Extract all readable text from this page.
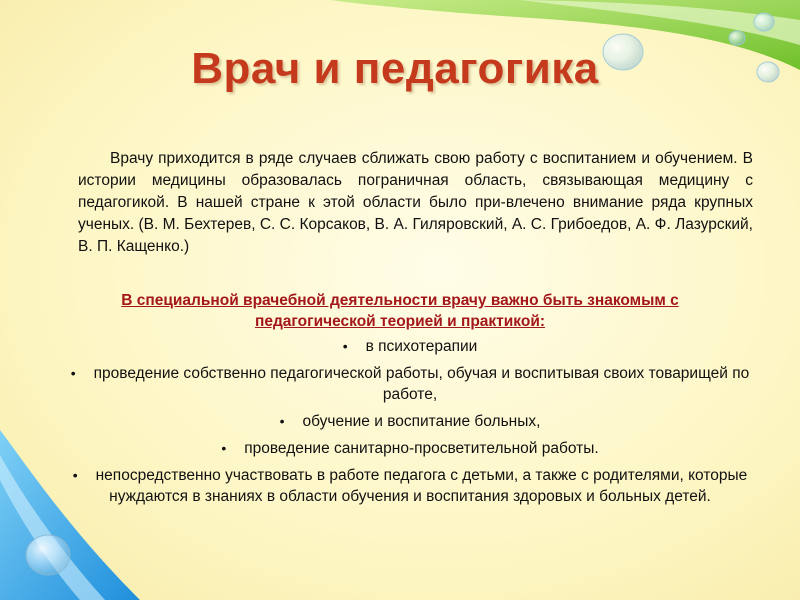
Врач и педагогика

Врачу приходится в ряде случаев сближать свою работу с воспитанием и обучением. В истории медицины образовалась пограничная область, связывающая медицину с педагогикой. В нашей стране к этой области было при-влечено внимание ряда крупных ученых. (В. М. Бехтерев, С. С. Корсаков, В. А. Гиляровский, А. С. Грибоедов, А. Ф. Лазурский, В. П. Кащенко.)

В специальной врачебной деятельности врачу важно быть знакомым с педагогической теорией и практикой:
• в психотерапии
• проведение собственно педагогической работы, обучая и воспитывая своих товарищей по работе,
• обучение и воспитание больных,
• проведение санитарно-просветительной работы.
• непосредственно участвовать в работе педагога с детьми, а также с родителями, которые нуждаются в знаниях в области обучения и воспитания здоровых и больных детей.
